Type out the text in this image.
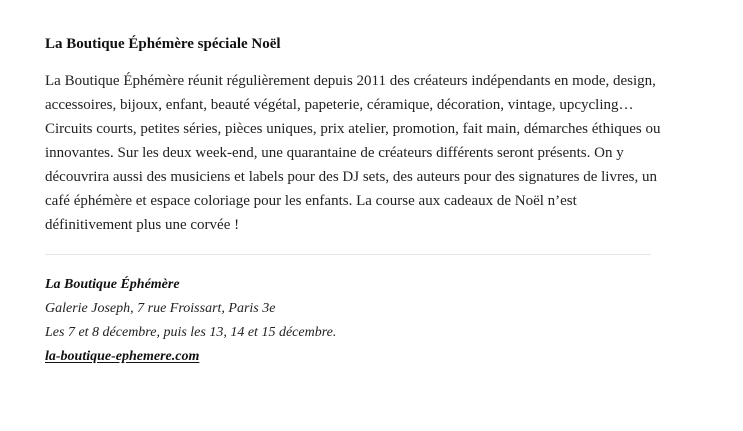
La Boutique Éphémère spéciale Noël

La Boutique Éphémère réunit régulièrement depuis 2011 des créateurs indépendants en mode, design, accessoires, bijoux, enfant, beauté végétal, papeterie, céramique, décoration, vintage, upcycling… Circuits courts, petites séries, pièces uniques, prix atelier, promotion, fait main, démarches éthiques ou innovantes. Sur les deux week-end, une quarantaine de créateurs différents seront présents. On y découvrira aussi des musiciens et labels pour des DJ sets, des auteurs pour des signatures de livres, un café éphémère et espace coloriage pour les enfants. La course aux cadeaux de Noël n’est définitivement plus une corvée !

La Boutique Éphémère
Galerie Joseph, 7 rue Froissart, Paris 3e
Les 7 et 8 décembre, puis les 13, 14 et 15 décembre.
la-boutique-ephemere.com
